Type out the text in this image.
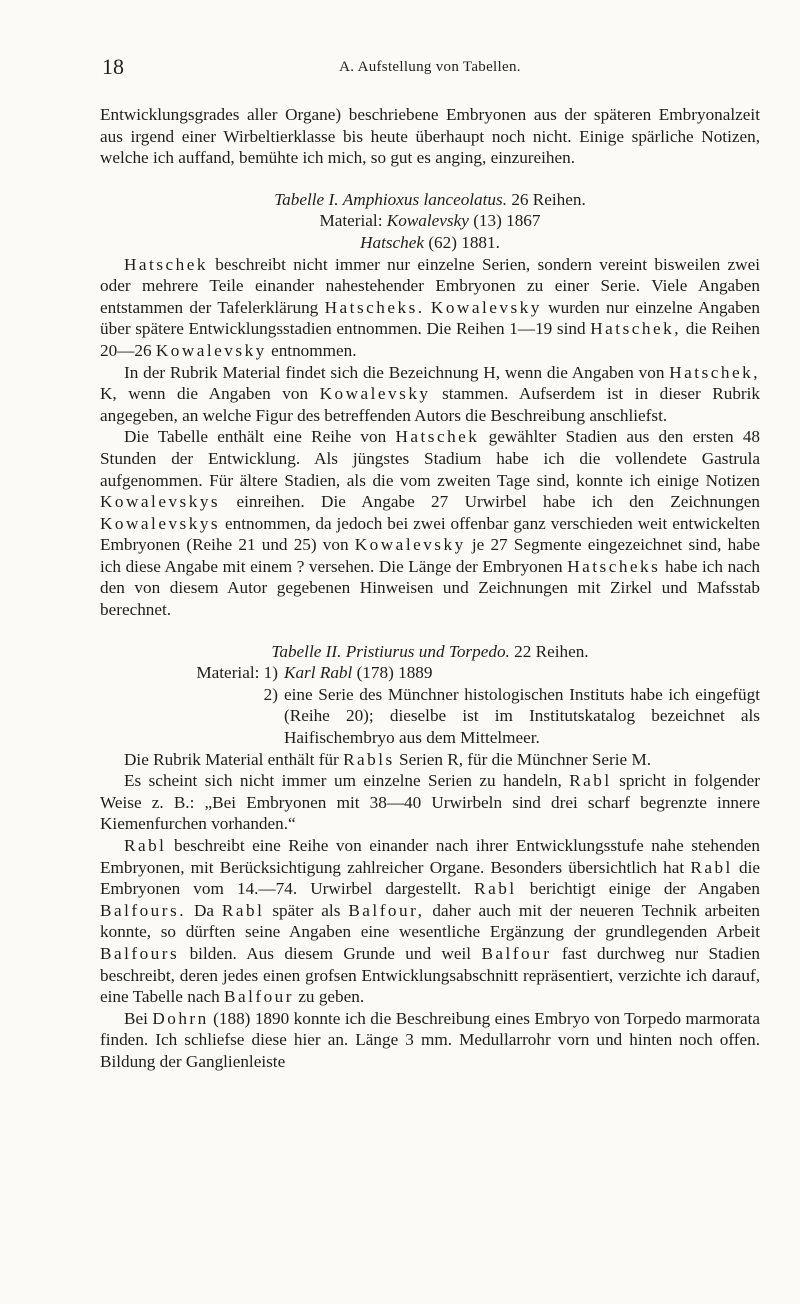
18	A. Aufstellung von Tabellen.

Entwicklungsgrades aller Organe) beschriebene Embryonen aus der späteren Embryonalzeit aus irgend einer Wirbeltierklasse bis heute überhaupt noch nicht. Einige spärliche Notizen, welche ich auffand, bemühte ich mich, so gut es anging, einzureihen.

Tabelle I. Amphioxus lanceolatus. 26 Reihen.

Material: Kowalevsky (13) 1867

Hatschek (62) 1881.

Hatschek beschreibt nicht immer nur einzelne Serien, sondern vereint bisweilen zwei oder mehrere Teile einander nahestehender Embryonen zu einer Serie. Viele Angaben entstammen der Tafelerklärung Hatscheks. Kowalevsky wurden nur einzelne Angaben über spätere Entwicklungsstadien entnommen. Die Reihen 1—19 sind Hatschek, die Reihen 20—26 Kowalevsky entnommen.

In der Rubrik Material findet sich die Bezeichnung H, wenn die Angaben von Hatschek, K, wenn die Angaben von Kowalevsky stammen. Aufserdem ist in dieser Rubrik angegeben, an welche Figur des betreffenden Autors die Beschreibung anschliefst.

Die Tabelle enthält eine Reihe von Hatschek gewählter Stadien aus den ersten 48 Stunden der Entwicklung. Als jüngstes Stadium habe ich die vollendete Gastrula aufgenommen. Für ältere Stadien, als die vom zweiten Tage sind, konnte ich einige Notizen Kowalevskys einreihen. Die Angabe 27 Urwirbel habe ich den Zeichnungen Kowalevskys entnommen, da jedoch bei zwei offenbar ganz verschieden weit entwickelten Embryonen (Reihe 21 und 25) von Kowalevsky je 27 Segmente eingezeichnet sind, habe ich diese Angabe mit einem ? versehen. Die Länge der Embryonen Hatscheks habe ich nach den von diesem Autor gegebenen Hinweisen und Zeichnungen mit Zirkel und Mafsstab berechnet.

Tabelle II. Pristiurus und Torpedo. 22 Reihen.

Material: 1) Karl Rabl (178) 1889
2) eine Serie des Münchner histologischen Instituts habe ich eingefügt (Reihe 20); dieselbe ist im Institutskatalog bezeichnet als Haifischembryo aus dem Mittelmeer.

Die Rubrik Material enthält für Rabls Serien R, für die Münchner Serie M.

Es scheint sich nicht immer um einzelne Serien zu handeln, Rabl spricht in folgender Weise z. B.: „Bei Embryonen mit 38—40 Urwirbeln sind drei scharf begrenzte innere Kiemenfurchen vorhanden.“

Rabl beschreibt eine Reihe von einander nach ihrer Entwicklungsstufe nahe stehenden Embryonen, mit Berücksichtigung zahlreicher Organe. Besonders übersichtlich hat Rabl die Embryonen vom 14.—74. Urwirbel dargestellt. Rabl berichtigt einige der Angaben Balfours. Da Rabl später als Balfour, daher auch mit der neueren Technik arbeiten konnte, so dürften seine Angaben eine wesentliche Ergänzung der grundlegenden Arbeit Balfours bilden. Aus diesem Grunde und weil Balfour fast durchweg nur Stadien beschreibt, deren jedes einen grofsen Entwicklungsabschnitt repräsentiert, verzichte ich darauf, eine Tabelle nach Balfour zu geben.

Bei Dohrn (188) 1890 konnte ich die Beschreibung eines Embryo von Torpedo marmorata finden. Ich schliefse diese hier an. Länge 3 mm. Medullarrohr vorn und hinten noch offen. Bildung der Ganglienleiste
